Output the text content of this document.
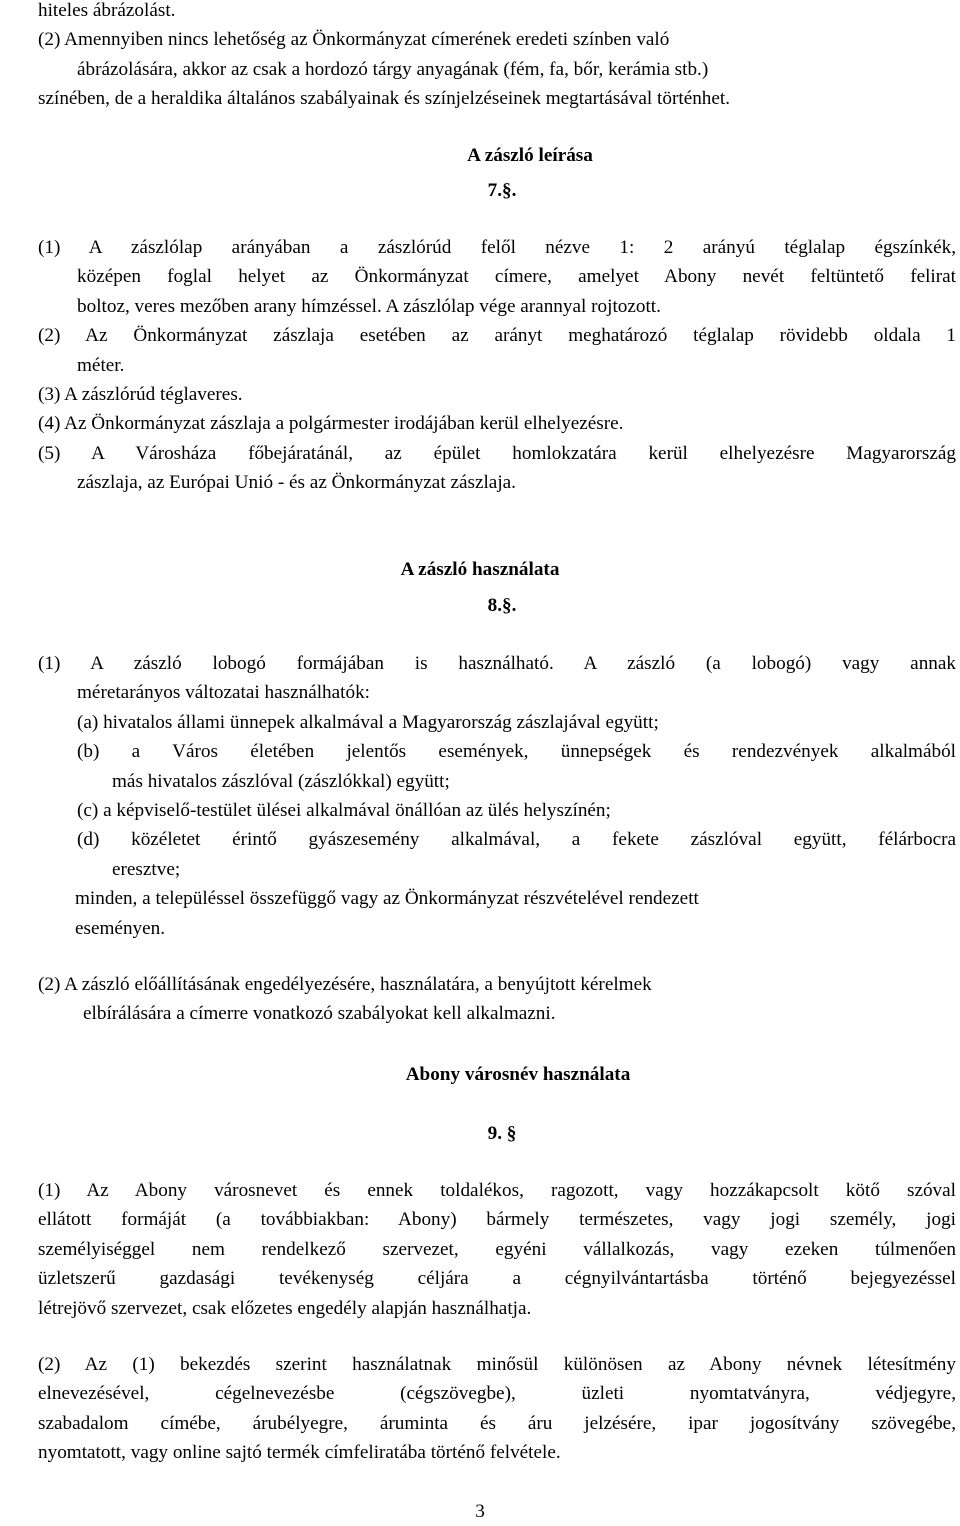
hiteles ábrázolást.
(2) Amennyiben nincs lehetőség az Önkormányzat címerének eredeti színben való
ábrázolására, akkor az csak a hordozó tárgy anyagának (fém, fa, bőr, kerámia stb.)
színében, de a heraldika általános szabályainak és színjelzéseinek megtartásával történhet.
A zászló leírása
7.§.
(1) A zászlólap arányában a zászlórúd felől nézve 1: 2 arányú téglalap égszínkék,
középen foglal helyet az Önkormányzat címere, amelyet Abony nevét feltüntető felirat
boltoz, veres mezőben arany hímzéssel. A zászlólap vége arannyal rojtozott.
(2) Az Önkormányzat zászlaja esetében az arányt meghatározó téglalap rövidebb oldala 1
méter.
(3) A zászlórúd téglaveres.
(4) Az Önkormányzat zászlaja a polgármester irodájában kerül elhelyezésre.
(5) A Városháza főbejáratánál, az épület homlokzatára kerül elhelyezésre Magyarország
zászlaja, az Európai Unió - és az Önkormányzat zászlaja.
A zászló használata
8.§.
(1) A zászló lobogó formájában is használható. A zászló (a lobogó) vagy annak
méretarányos változatai használhatók:
(a) hivatalos állami ünnepek alkalmával a Magyarország zászlajával együtt;
(b) a Város életében jelentős események, ünnepségek és rendezvények alkalmából
más hivatalos zászlóval (zászlókkal) együtt;
(c) a képviselő-testület ülései alkalmával önállóan az ülés helyszínén;
(d) közéletet érintő gyászesemény alkalmával, a fekete zászlóval együtt, félárbocra
eresztve;
minden, a településsel összefüggő vagy az Önkormányzat részvételével rendezett
eseményen.
(2) A zászló előállításának engedélyezésére, használatára, a benyújtott kérelmek
elbírálására a címerre vonatkozó szabályokat kell alkalmazni.
Abony városnév használata
9. §
(1) Az Abony városnevet és ennek toldalékos, ragozott, vagy hozzákapcsolt kötő szóval
ellátott formáját (a továbbiakban: Abony) bármely természetes, vagy jogi személy, jogi
személyiséggel nem rendelkező szervezet, egyéni vállalkozás, vagy ezeken túlmenően
üzletszerű gazdasági tevékenység céljára a cégnyilvántartásba történő bejegyezéssel
létrejövő szervezet, csak előzetes engedély alapján használhatja.
(2) Az (1) bekezdés szerint használatnak minősül különösen az Abony névnek létesítmény
elnevezésével, cégelnevezésbe (cégszövegbe), üzleti nyomtatványra, védjegyre,
szabadalom címébe, árubélyegre, áruminta és áru jelzésére, ipar jogosítvány szövegébe,
nyomtatott, vagy online sajtó termék címfeliratába történő felvétele.
3
